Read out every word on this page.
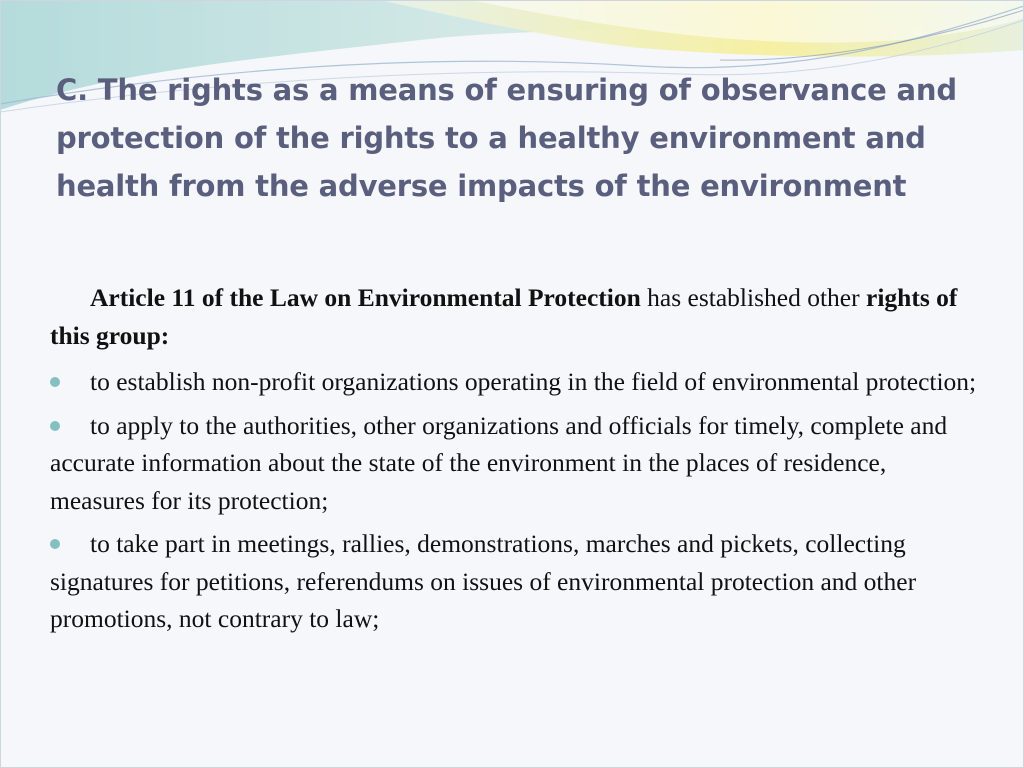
C. The rights as a means of ensuring of observance and protection of the rights to a healthy environment and health from the adverse impacts of the environment

Article 11 of the Law on Environmental Protection has established other rights of this group:

to establish non-profit organizations operating in the field of environmental protection;
to apply to the authorities, other organizations and officials for timely, complete and accurate information about the state of the environment in the places of residence, measures for its protection;
to take part in meetings, rallies, demonstrations, marches and pickets, collecting signatures for petitions, referendums on issues of environmental protection and other promotions, not contrary to law;
